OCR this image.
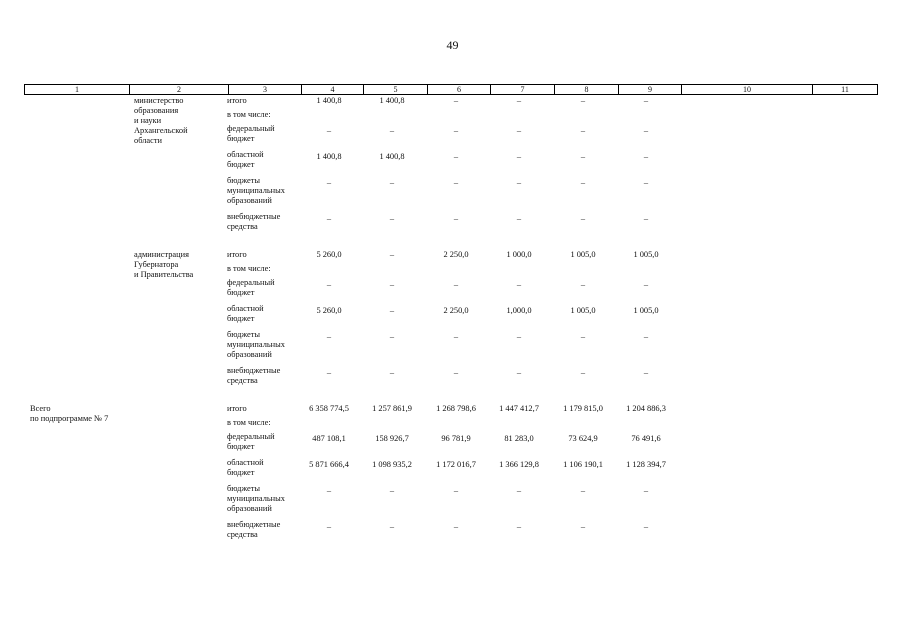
49
1	2	3	4	5	6	7	8	9	10	11
министерство
образования
и науки
Архангельской
области
итого	1 400,8	1 400,8	–	–	–	–
в том числе:
федеральный
бюджет
–	–	–	–	–	–
областной
бюджет
1 400,8	1 400,8	–	–	–	–
бюджеты
муниципальных
образований
–	–	–	–	–	–
внебюджетные
средства
–	–	–	–	–	–
администрация
Губернатора
и Правительства
итого	5 260,0	–	2 250,0	1 000,0	1 005,0	1 005,0
в том числе:
федеральный
бюджет
–	–	–	–	–	–
областной
бюджет
5 260,0	–	2 250,0	1,000,0	1 005,0	1 005,0
бюджеты
муниципальных
образований
–	–	–	–	–	–
внебюджетные
средства
–	–	–	–	–	–
Всего
по подпрограмме № 7
итого	6 358 774,5	1 257 861,9	1 268 798,6	1 447 412,7	1 179 815,0	1 204 886,3
в том числе:
федеральный
бюджет
487 108,1	158 926,7	96 781,9	81 283,0	73 624,9	76 491,6
областной
бюджет
5 871 666,4	1 098 935,2	1 172 016,7	1 366 129,8	1 106 190,1	1 128 394,7
бюджеты
муниципальных
образований
–	–	–	–	–	–
внебюджетные
средства
–	–	–	–	–	–
